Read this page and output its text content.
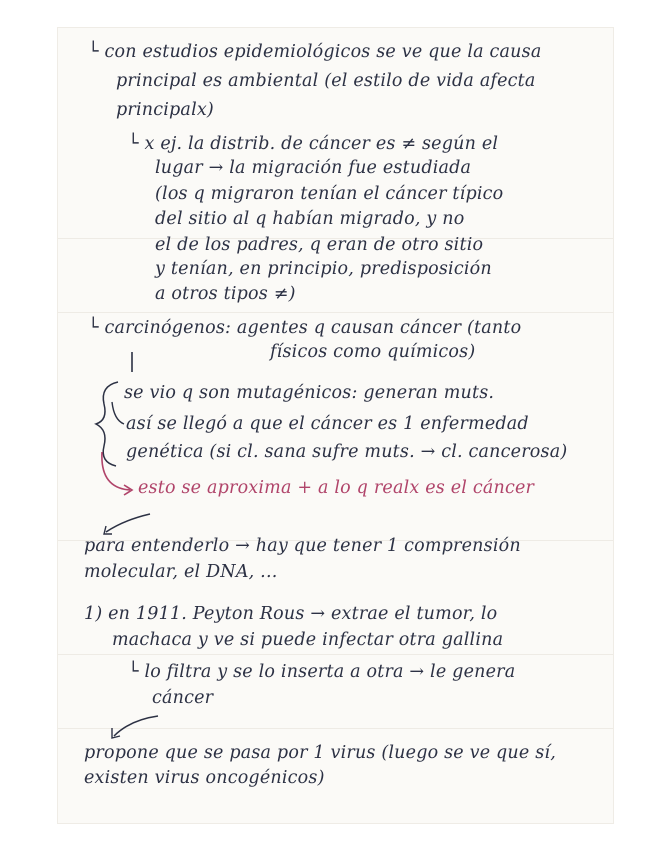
└ con estudios epidemiológicos se ve que la causa
principal es ambiental (el estilo de vida afecta
principalx)
└ x ej. la distrib. de cáncer es ≠ según el
lugar → la migración fue estudiada
(los q migraron tenían el cáncer típico
del sitio al q habían migrado, y no
el de los padres, q eran de otro sitio
y tenían, en principio, predisposición
a otros tipos ≠)
└ carcinógenos: agentes q causan cáncer (tanto
físicos como químicos)
se vio q son mutagénicos: generan muts.
así se llegó a que el cáncer es 1 enfermedad
genética (si cl. sana sufre muts. → cl. cancerosa)
esto se aproxima + a lo q realx es el cáncer
para entenderlo → hay que tener 1 comprensión
molecular, el DNA, ...
1) en 1911. Peyton Rous → extrae el tumor, lo
machaca y ve si puede infectar otra gallina
└ lo filtra y se lo inserta a otra → le genera
cáncer
propone que se pasa por 1 virus (luego se ve que sí,
existen virus oncogénicos)
